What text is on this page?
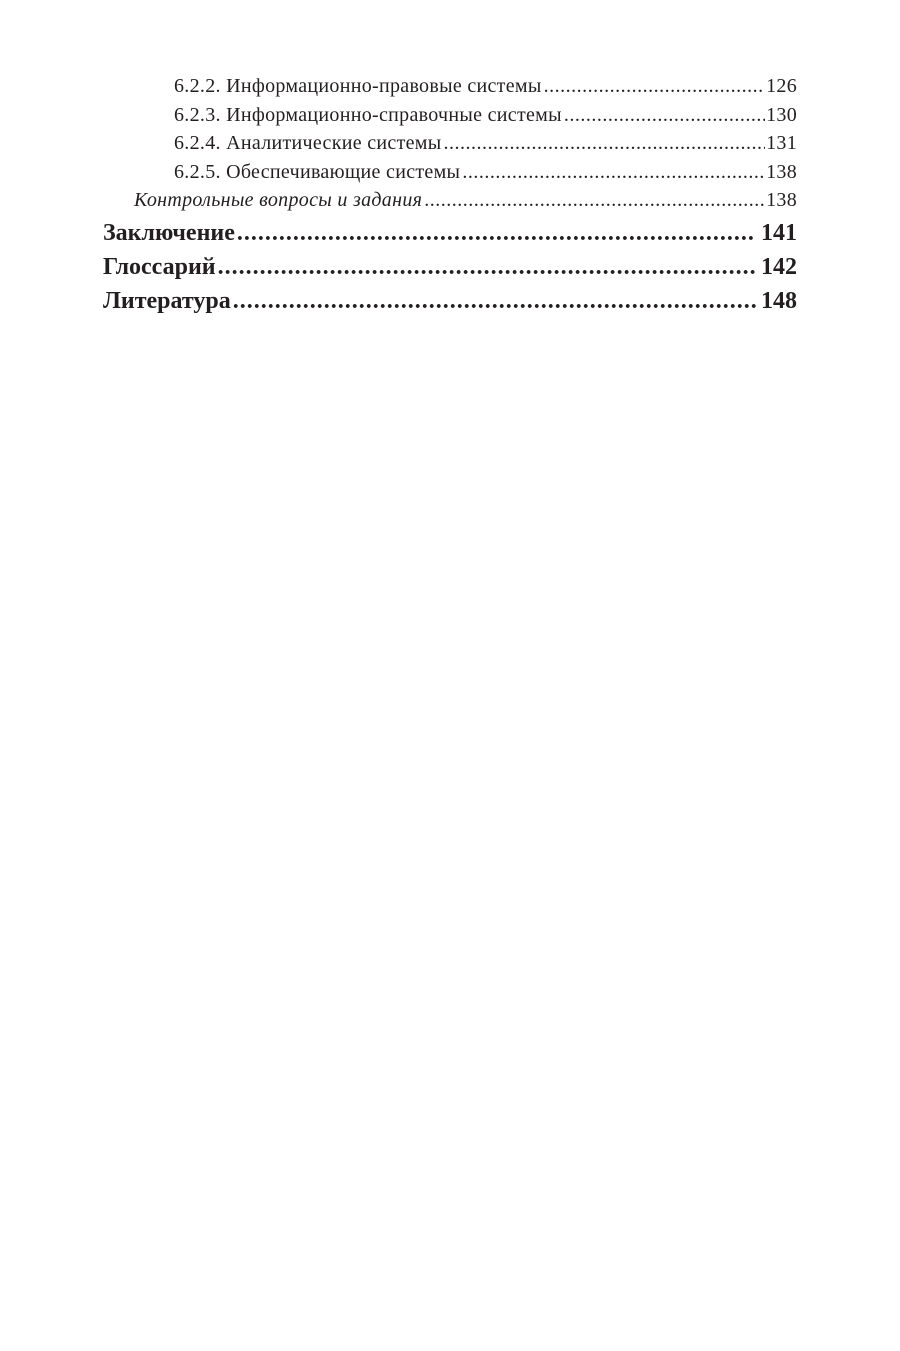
6.2.2. Информационно-правовые системы .....	126
6.2.3. Информационно-справочные системы .....	130
6.2.4. Аналитические системы .....	131
6.2.5. Обеспечивающие системы .....	138
Контрольные вопросы и задания .....	138
Заключение .....	141
Глоссарий .....	142
Литература .....	148
